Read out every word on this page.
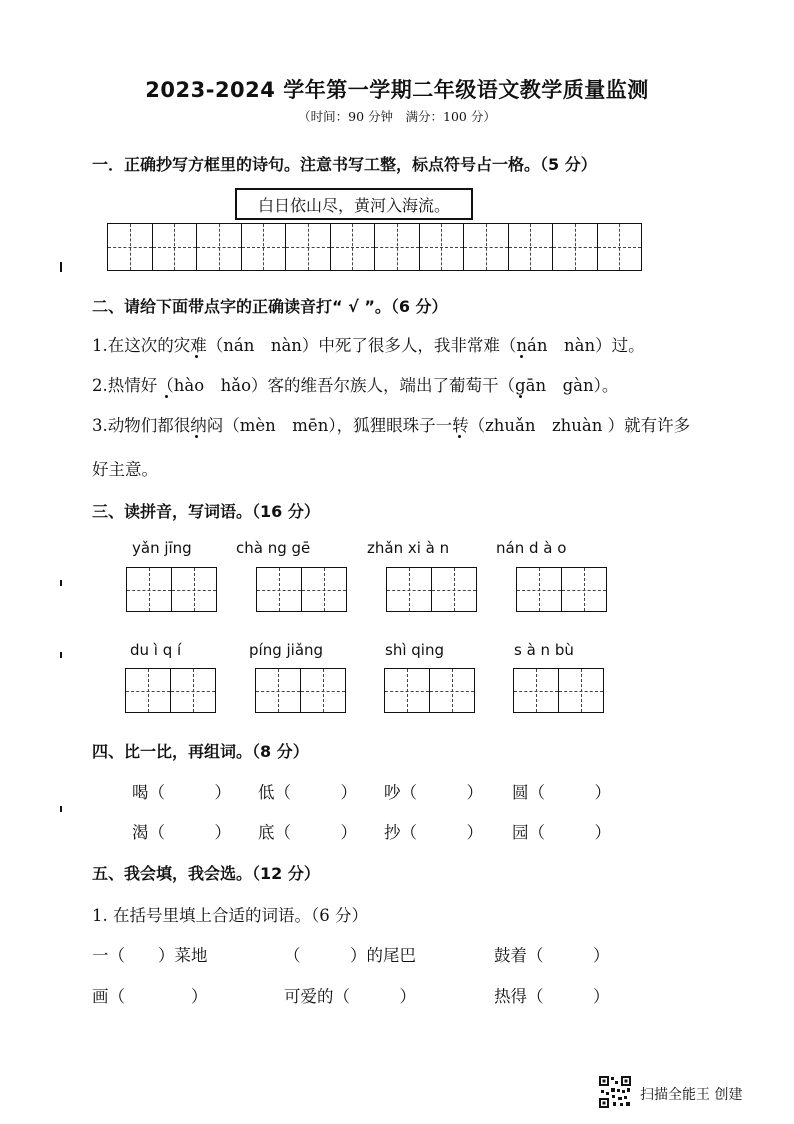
2023-2024 学年第一学期二年级语文教学质量监测
（时间：90 分钟　满分：100 分）
一．正确抄写方框里的诗句。注意书写工整，标点符号占一格。（5 分）
白日依山尽，黄河入海流。
二、请给下面带点字的正确读音打“ √ ”。（6 分）
1.在这次的灾难（nán　nàn）中死了很多人，我非常难（nán　nàn）过。
2.热情好（hào　hǎo）客的维吾尔族人，端出了葡萄干（gān　gàn）。
3.动物们都很纳闷（mèn　mēn），狐狸眼珠子一转（zhuǎn　zhuàn ）就有许多
好主意。
三、读拼音，写词语。（16 分）
yǎn jīng	chà ng gē	zhǎn xi à n	nán d à o
du ì q í	píng jiǎng	shì qing	s à n bù
四、比一比，再组词。（8 分）
喝（　　　） 低（　　　） 吵（　　　） 圆（　　　）
渴（　　　） 底（　　　） 抄（　　　） 园（　　　）
五、我会填，我会选。（12 分）
1. 在括号里填上合适的词语。（6 分）
一（　　）菜地	（　　　）的尾巴	鼓着（　　　）
画（　　　　）	可爱的（　　　）	热得（　　　）
扫描全能王 创建
